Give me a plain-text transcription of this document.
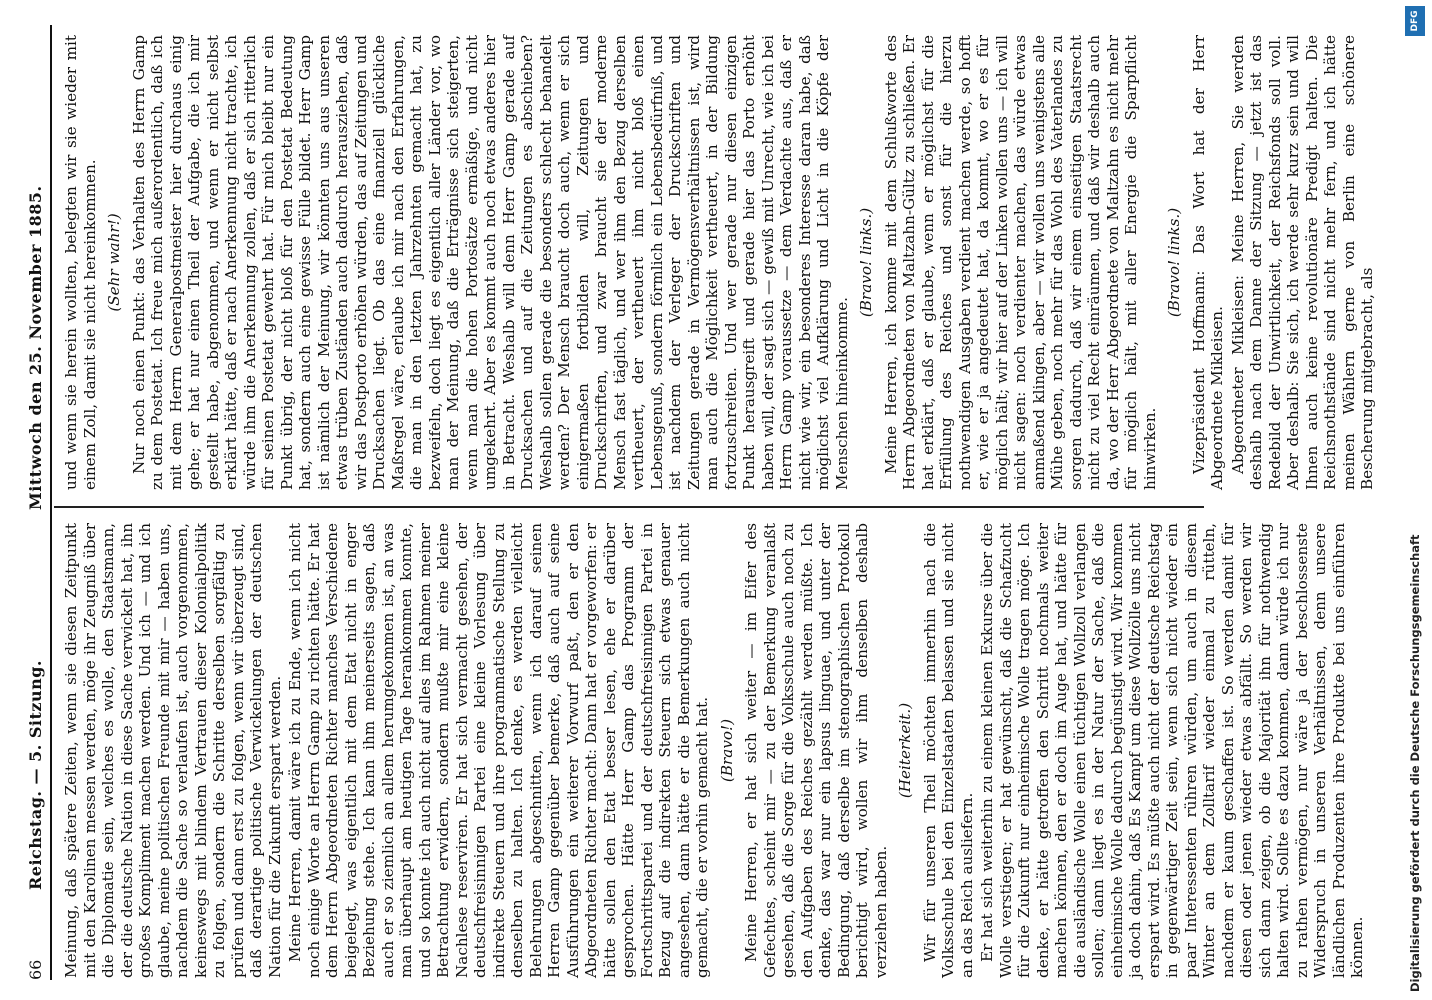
66
Reichstag. — 5. Sitzung.
Mittwoch den 25. November 1885.

Meinung, daß spätere Zeiten, wenn sie diesen Zeitpunkt mit den Karolinen messen werden, möge ihr Zeugniß über die Diplomatie sein, welches es wolle, den Staatsmann, der die deutsche Nation in diese Sache verwickelt hat, ihn großes Kompliment machen werden. Und ich — und ich glaube, meine politischen Freunde mit mir — haben uns, nachdem die Sache so verlaufen ist, auch vorgenommen, keineswegs mit blindem Vertrauen dieser Kolonialpolitik zu folgen, sondern die Schritte derselben sorgfältig zu prüfen und dann erst zu folgen, wenn wir überzeugt sind, daß derartige politische Verwickelungen der deutschen Nation für die Zukunft erspart werden. Meine Herren, damit wäre ich zu Ende, wenn ich nicht noch einige Worte an Herrn Gamp zu richten hätte. Er hat dem Herrn Abgeordneten Richter manches Verschiedene beigelegt, was eigentlich mit dem Etat nicht in enger Beziehung stehe. Ich kann ihm meinerseits sagen, daß auch er so ziemlich an allem herumgekommen ist, an was man überhaupt am heutigen Tage herankommen konnte, und so konnte ich auch nicht auf alles im Rahmen meiner Betrachtung erwidern, sondern mußte mir eine kleine Nachlese reserviren. Er hat sich vermacht gesehen, der deutschfreisinnigen Partei eine kleine Vorlesung über indirekte Steuern und ihre programmatische Stellung zu denselben zu halten. Ich denke, es werden vielleicht Belehrungen abgeschnitten, wenn ich darauf seinen Herren Gamp gegenüber bemerke, daß auch auf seine Ausführungen ein weiterer Vorwurf paßt, den er den Abgeordneten Richter macht: Dann hat er vorgeworfen: er hätte sollen den Etat besser lesen, ehe er darüber gesprochen. Hätte Herr Gamp das Programm der Fortschrittspartei und der deutschfreisinnigen Partei in Bezug auf die indirekten Steuern sich etwas genauer angesehen, dann hätte er die Bemerkungen auch nicht gemacht, die er vorhin gemacht hat. (Bravo!) Meine Herren, er hat sich weiter — im Eifer des Gefechtes, scheint mir — zu der Bemerkung veranlaßt gesehen, daß die Sorge für die Volksschule auch noch zu den Aufgaben des Reiches gezählt werden müßte. Ich denke, das war nur ein lapsus linguae, und unter der Bedingung, daß derselbe im stenographischen Protokoll berichtigt wird, wollen wir ihm denselben deshalb verziehen haben.

(Heiterkeit.) Wir für unseren Theil möchten immerhin nach die Volksschule bei den Einzelstaaten belassen und sie nicht an das Reich ausliefern. Er hat sich weiterhin zu einem kleinen Exkurse über die Wolle verstiegen; er hat gewünscht, daß die Schafzucht für die Zukunft nur einheimische Wolle tragen möge. Ich denke, er hätte getroffen den Schritt nochmals weiter machen können, den er doch im Auge hat, und hätte für die ausländische Wolle einen tüchtigen Wollzoll verlangen sollen; dann liegt es in der Natur der Sache, daß die einheimische Wolle dadurch begünstigt wird. Wir kommen ja doch dahin, daß Es Kampf um diese Wollzölle uns nicht erspart wird. Es müßte auch nicht der deutsche Reichstag in gegenwärtiger Zeit sein, wenn sich nicht wieder ein paar Interessenten rühren würden, um auch in diesem Winter an dem Zolltarif wieder einmal zu rütteln, nachdem er kaum geschaffen ist. So werden damit für diesen oder jenen wieder etwas abfällt. So werden wir sich dann zeigen, ob die Majorität ihn für nothwendig halten wird. Sollte es dazu kommen, dann würde ich nur zu rathen vermögen, nur wäre ja der beschlossenste Widerspruch in unseren Verhältnissen, denn unsere ländlichen Produzenten ihre Produkte bei uns einführen können.

und wenn sie herein wollten, belegten wir sie wieder mit einem Zoll, damit sie nicht hereinkommen. (Sehr wahr!) Nur noch einen Punkt: das Verhalten des Herrn Gamp zu dem Postetat. Ich freue mich außerordentlich, daß ich mit dem Herrn Generalpostmeister hier durchaus einig gehe; er hat nur einen Theil der Aufgabe, die ich mir gestellt habe, abgenommen, und wenn er nicht selbst erklärt hätte, daß er nach Anerkennung nicht trachte, ich würde ihm die Anerkennung zollen, daß er sich ritterlich für seinen Postetat gewehrt hat. Für mich bleibt nur ein Punkt übrig, der nicht bloß für den Postetat Bedeutung hat, sondern auch eine gewisse Fülle bildet. Herr Gamp ist nämlich der Meinung, wir könnten uns aus unseren etwas trüben Zuständen auch dadurch herausziehen, daß wir das Postporto erhöhen würden, das auf Zeitungen und Drucksachen liegt. Ob das eine finanziell glückliche Maßregel wäre, erlaube ich mir nach den Erfahrungen, die man in den letzten Jahrzehnten gemacht hat, zu bezweifeln, doch liegt es eigentlich aller Länder vor, wo man der Meinung, daß die Erträgnisse sich steigerten, wenn man die hohen Portosätze ermäßige, und nicht umgekehrt. Aber es kommt auch noch etwas anderes hier in Betracht. Weshalb will denn Herr Gamp gerade auf Drucksachen und auf die Zeitungen es abschieben? Weshalb sollen gerade die besonders schlecht behandelt werden? Der Mensch braucht doch auch, wenn er sich einigermaßen fortbilden will, Zeitungen und Druckschriften, und zwar braucht sie der moderne Mensch fast täglich, und wer ihm den Bezug derselben vertheuert, der vertheuert ihm nicht bloß einen Lebensgenuß, sondern förmlich ein Lebensbedürfniß, und ist nachdem der Verleger der Druckschriften und Zeitungen gerade in Vermögensverhältnissen ist, wird man auch die Möglichkeit vertheuert, in der Bildung fortzuschreiten. Und wer gerade nur diesen einzigen Punkt herausgreift und gerade hier das Porto erhöht haben will, der sagt sich — gewiß mit Unrecht, wie ich bei Herrn Gamp voraussetze — dem Verdachte aus, daß er nicht wie wir, ein besonderes Interesse daran habe, daß möglichst viel Aufklärung und Licht in die Köpfe der Menschen hineinkomme.

(Bravo! links.) Meine Herren, ich komme mit dem Schlußworte des Herrn Abgeordneten von Maltzahn-Gültz zu schließen. Er hat erklärt, daß er glaube, wenn er möglichst für die Erfüllung des Reiches und sonst für die hierzu nothwendigen Ausgaben verdient machen werde, so hofft er, wie er ja angedeutet hat, da kommt, wo er es für möglich hält; wir hier auf der Linken wollen uns — ich will nicht sagen: noch verdienter machen, das würde etwas anmaßend klingen, aber — wir wollen uns wenigstens alle Mühe geben, noch mehr für das Wohl des Vaterlandes zu sorgen dadurch, daß wir einem einseitigen Staatsrecht nicht zu viel Recht einräumen, und daß wir deshalb auch da, wo der Herr Abgeordnete von Maltzahn es nicht mehr für möglich hält, mit aller Energie die Sparpflicht hinwirken.

(Bravo! links.) Vizepräsident Hoffmann: Das Wort hat der Herr Abgeordnete Mikleisen. Abgeordneter Mikleisen: Meine Herren, Sie werden deshalb nach dem Danne der Sitzung — jetzt ist das Redebild der Unwirtlichkeit, der Reichsfonds soll voll. Aber deshalb: Sie sich, ich werde sehr kurz sein und will Ihnen auch keine revolutionäre Predigt halten. Die Reichsnothstände sind nicht mehr fern, und ich hätte meinen Wählern gerne von Berlin eine schönere Bescherung mitgebracht, als

DFG
Digitalisierung gefördert durch die Deutsche Forschungsgemeinschaft
